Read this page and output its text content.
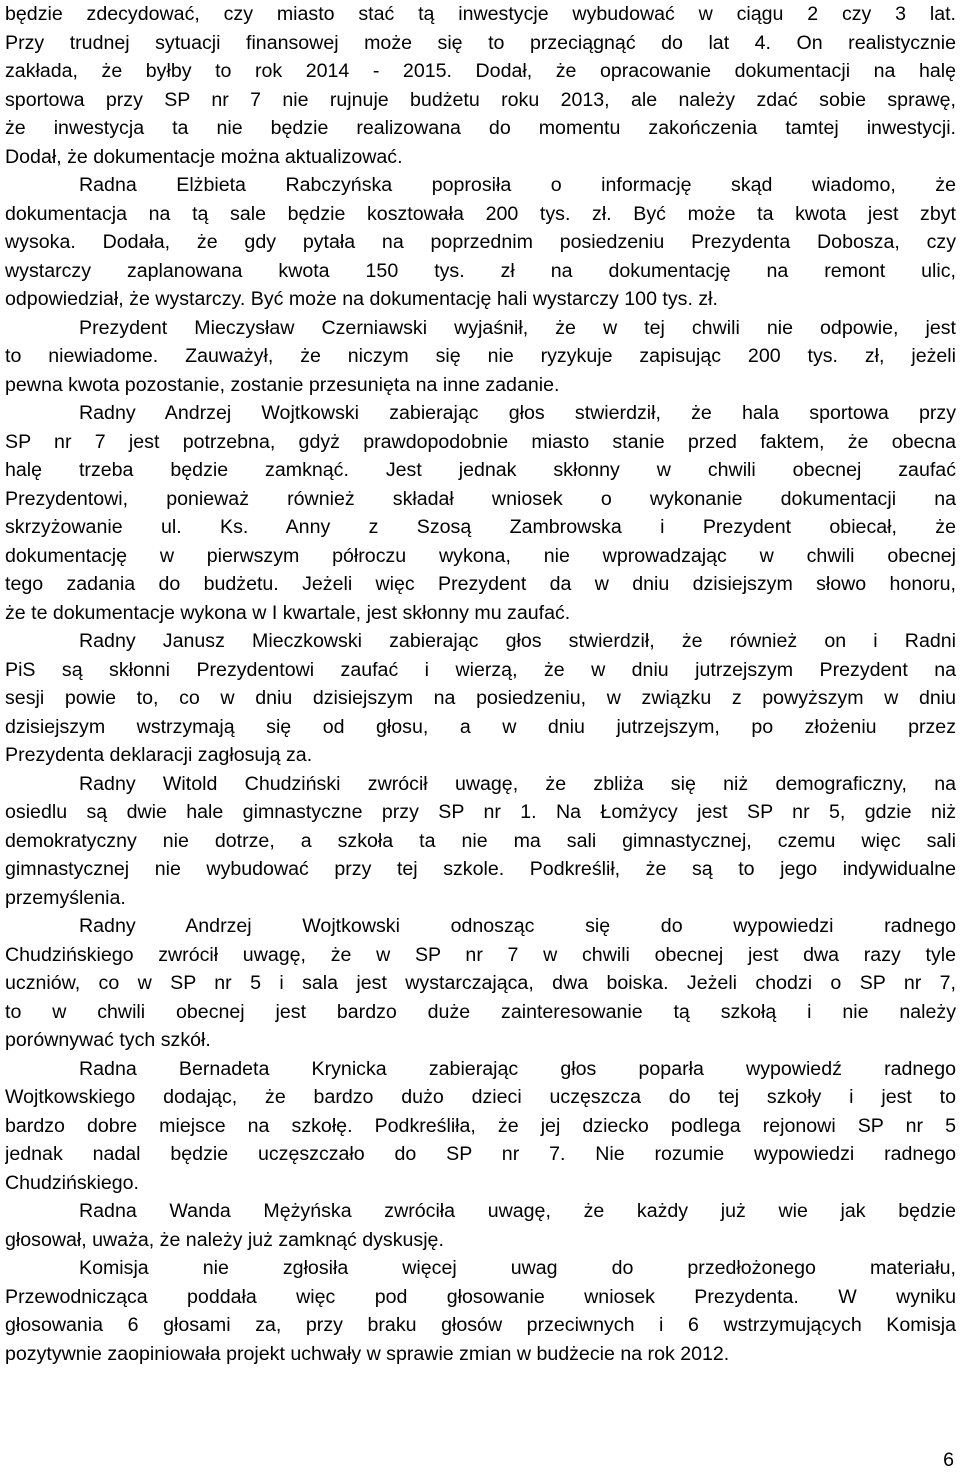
będzie zdecydować, czy miasto stać tą inwestycje wybudować w ciągu 2 czy 3 lat.
Przy trudnej sytuacji finansowej może się to przeciągnąć do lat 4. On realistycznie
zakłada, że byłby to rok 2014 - 2015. Dodał, że opracowanie dokumentacji na halę
sportowa przy SP nr 7 nie rujnuje budżetu roku 2013, ale należy zdać sobie sprawę,
że inwestycja ta nie będzie realizowana do momentu zakończenia tamtej inwestycji.
Dodał, że dokumentacje można aktualizować.
Radna Elżbieta Rabczyńska poprosiła o informację skąd wiadomo, że
dokumentacja na tą sale będzie kosztowała 200 tys. zł. Być może ta kwota jest zbyt
wysoka. Dodała, że gdy pytała na poprzednim posiedzeniu Prezydenta Dobosza, czy
wystarczy zaplanowana kwota 150 tys. zł na dokumentację na remont ulic,
odpowiedział, że wystarczy. Być może na dokumentację hali wystarczy 100 tys. zł.
Prezydent Mieczysław Czerniawski wyjaśnił, że w tej chwili nie odpowie, jest
to niewiadome. Zauważył, że niczym się nie ryzykuje zapisując 200 tys. zł, jeżeli
pewna kwota pozostanie, zostanie przesunięta na inne zadanie.
Radny Andrzej Wojtkowski zabierając głos stwierdził, że hala sportowa przy
SP nr 7 jest potrzebna, gdyż prawdopodobnie miasto stanie przed faktem, że obecna
halę trzeba będzie zamknąć. Jest jednak skłonny w chwili obecnej zaufać
Prezydentowi, ponieważ również składał wniosek o wykonanie dokumentacji na
skrzyżowanie ul. Ks. Anny z Szosą Zambrowska i Prezydent obiecał, że
dokumentację w pierwszym półroczu wykona, nie wprowadzając w chwili obecnej
tego zadania do budżetu. Jeżeli więc Prezydent da w dniu dzisiejszym słowo honoru,
że te dokumentacje wykona w I kwartale, jest skłonny mu zaufać.
Radny Janusz Mieczkowski zabierając głos stwierdził, że również on i Radni
PiS są skłonni Prezydentowi zaufać i wierzą, że w dniu jutrzejszym Prezydent na
sesji powie to, co w dniu dzisiejszym na posiedzeniu, w związku z powyższym w dniu
dzisiejszym wstrzymają się od głosu, a w dniu jutrzejszym, po złożeniu przez
Prezydenta deklaracji zagłosują za.
Radny Witold Chudziński zwrócił uwagę, że zbliża się niż demograficzny, na
osiedlu są dwie hale gimnastyczne przy SP nr 1. Na Łomżycy jest SP nr 5, gdzie niż
demokratyczny nie dotrze, a szkoła ta nie ma sali gimnastycznej, czemu więc sali
gimnastycznej nie wybudować przy tej szkole. Podkreślił, że są to jego indywidualne
przemyślenia.
Radny Andrzej Wojtkowski odnosząc się do wypowiedzi radnego
Chudzińskiego zwrócił uwagę, że w SP nr 7 w chwili obecnej jest dwa razy tyle
uczniów, co w SP nr 5 i sala jest wystarczająca, dwa boiska. Jeżeli chodzi o SP nr 7,
to w chwili obecnej jest bardzo duże zainteresowanie tą szkołą i nie należy
porównywać tych szkół.
Radna Bernadeta Krynicka zabierając głos poparła wypowiedź radnego
Wojtkowskiego dodając, że bardzo dużo dzieci uczęszcza do tej szkoły i jest to
bardzo dobre miejsce na szkołę. Podkreśliła, że jej dziecko podlega rejonowi SP nr 5
jednak nadal będzie uczęszczało do SP nr 7. Nie rozumie wypowiedzi radnego
Chudzińskiego.
Radna Wanda Mężyńska zwróciła uwagę, że każdy już wie jak będzie
głosował, uważa, że należy już zamknąć dyskusję.
Komisja nie zgłosiła więcej uwag do przedłożonego materiału,
Przewodnicząca poddała więc pod głosowanie wniosek Prezydenta. W wyniku
głosowania 6 głosami za, przy braku głosów przeciwnych i 6 wstrzymujących Komisja
pozytywnie zaopiniowała projekt uchwały w sprawie zmian w budżecie na rok 2012.
6
